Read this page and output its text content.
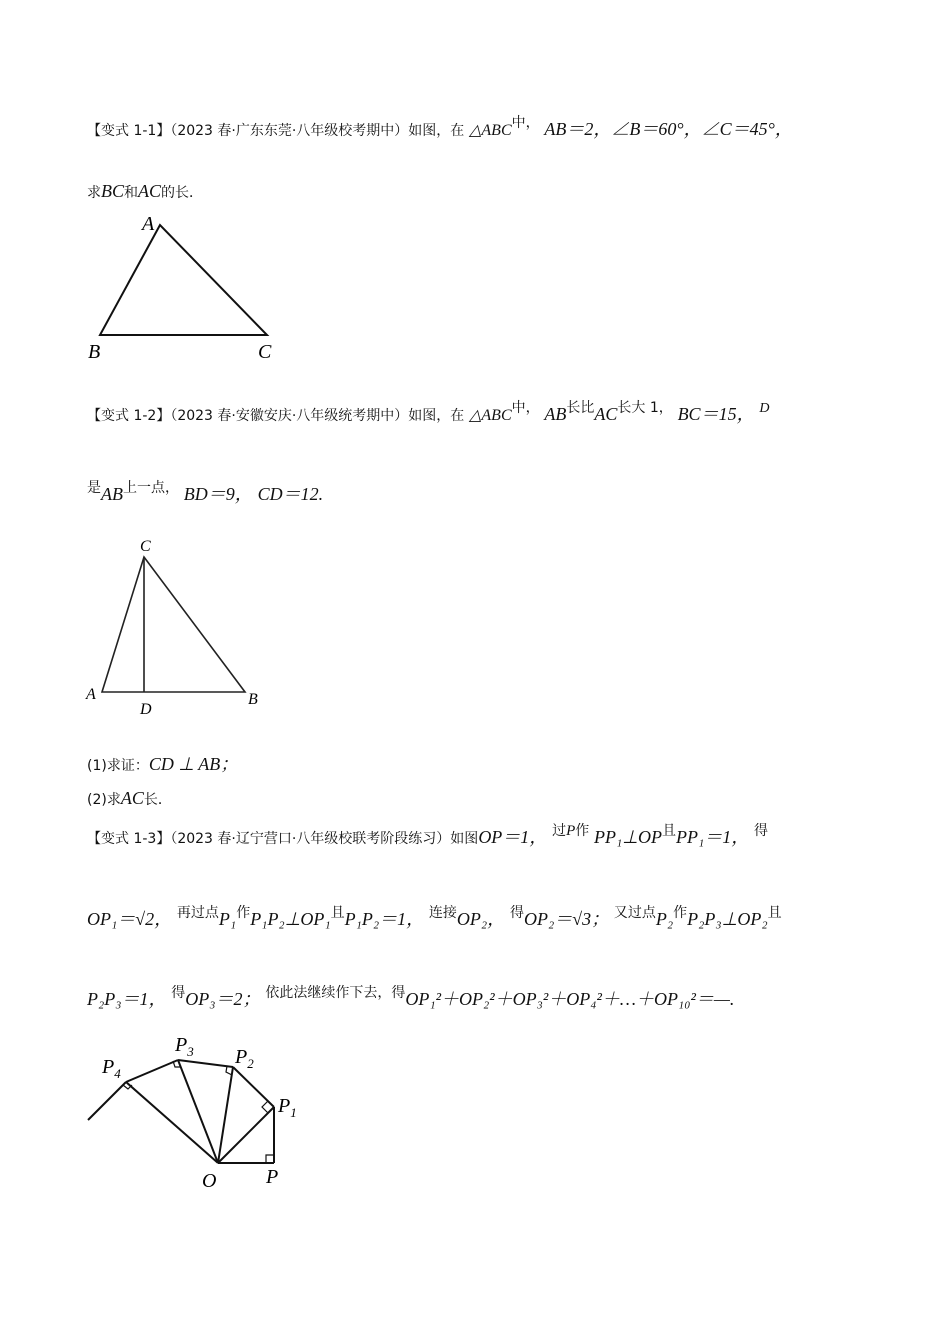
【变式 1-1】（2023 春·广东东莞·八年级校考期中）如图，在 △ABC中， AB＝2，∠B＝60°，∠C＝45°，
求BC和AC的长．
A
B	C
【变式 1-2】（2023 春·安徽安庆·八年级统考期中）如图，在 △ABC中， AB长比AC长大 1， BC＝15， D
是AB上一点， BD＝9， CD＝12.
C
A
D
B
(1)求证：CD ⊥ AB；
(2)求AC长．
【变式 1-3】（2023 春·辽宁营口·八年级校联考阶段练习）如图OP＝1， 过P作 PP₁⊥OP且PP₁＝1， 得
OP₁＝√2， 再过点P₁作P₁P₂⊥OP₁且P₁P₂＝1， 连接OP₂， 得OP₂＝√3； 又过点P₂作P₂P₃⊥OP₂且
P₂P₃＝1， 得OP₃＝2； 依此法继续作下去，得OP₁²＋OP₂²＋OP₃²＋OP₄²＋…＋OP₁₀²＝—.
O P
$P_1$
$P_2$
$P_3$
$P_4$
